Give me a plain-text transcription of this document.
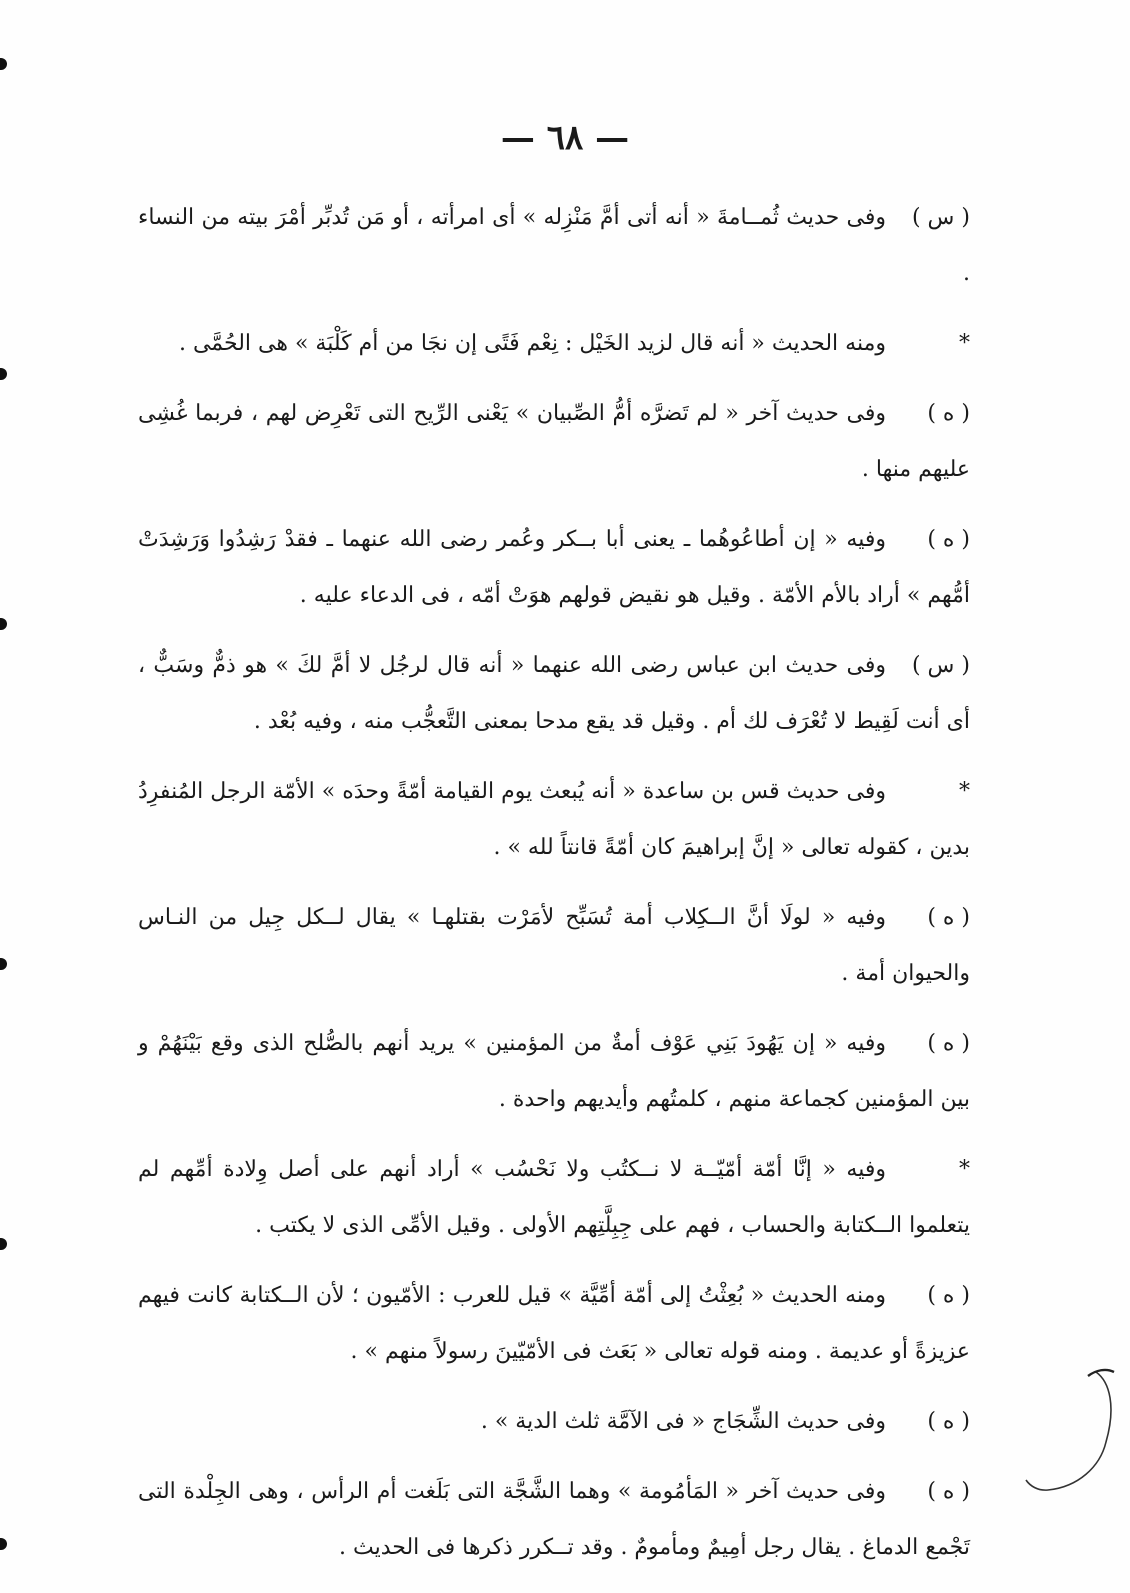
— ٦٨ —

( س )وفى حديث ثُمــامةَ « أنه أتى أمَّ مَنْزِله » أى امرأته ، أو مَن تُدبِّر أمْرَ بيته من النساء .

*ومنه الحديث « أنه قال لزيد الخَيْل : نِعْم فَتًى إن نجَا من أم كَلْبَة » هى الحُمَّى .

( ه )وفى حديث آخر « لم تَضرَّه أمُّ الصِّبيان » يَعْنى الرِّيح التى تَعْرِض لهم ، فربما غُشِى عليهم منها .

( ه )وفيه « إن أطاعُوهُما ـ يعنى أبا بــكر وعُمر رضى الله عنهما ـ فقدْ رَشِدُوا وَرَشِدَتْ أمُّهم » أراد بالأم الأمّة . وقيل هو نقيض قولهم هوَتْ أمّه ، فى الدعاء عليه .

( س )وفى حديث ابن عباس رضى الله عنهما « أنه قال لرجُل لا أمَّ لكَ » هو ذمٌّ وسَبٌّ ، أى أنت لَقِيط لا تُعْرَف لك أم . وقيل قد يقع مدحا بمعنى التَّعجُّب منه ، وفيه بُعْد .

*وفى حديث قس بن ساعدة « أنه يُبعث يوم القيامة أمّةً وحدَه » الأمّة الرجل المُنفرِدُ بدين ، كقوله تعالى « إنَّ إبراهيمَ كان أمّةً قانتاً لله » .

( ه )وفيه « لولَا أنَّ الــكِلاب أمة تُسَبِّح لأمَرْت بقتلهـا » يقال لــكل جِيل من النـاس والحيوان أمة .

( ه )وفيه « إن يَهُودَ بَنِي عَوْف أمةٌ من المؤمنين » يريد أنهم بالصُّلح الذى وقع بَيْنَهُمْ و بين المؤمنين كجماعة منهم ، كلمتُهم وأيديهم واحدة .

*وفيه « إنَّا أمّة أمّيّــة لا نــكتُب ولا نَحْسُب » أراد أنهم على أصل وِلادة أمِّهم لم يتعلموا الــكتابة والحساب ، فهم على جِبِلَّتِهم الأولى . وقيل الأمِّى الذى لا يكتب .

( ه )ومنه الحديث « بُعِثْتُ إلى أمّة أمِّيَّة » قيل للعرب : الأمّيون ؛ لأن الــكتابة كانت فيهم عزيزةً أو عديمة . ومنه قوله تعالى « بَعَث فى الأمّيّينَ رسولاً منهم » .

( ه )وفى حديث الشِّجَاج « فى الآمَّة ثلث الدية » .

( ه )وفى حديث آخر « المَأمُومة » وهما الشَّجَّة التى بَلَغت أم الرأس ، وهى الجِلْدة التى تَجْمع الدماغ . يقال رجل أمِيمٌ ومأمومٌ . وقد تــكرر ذكرها فى الحديث .
